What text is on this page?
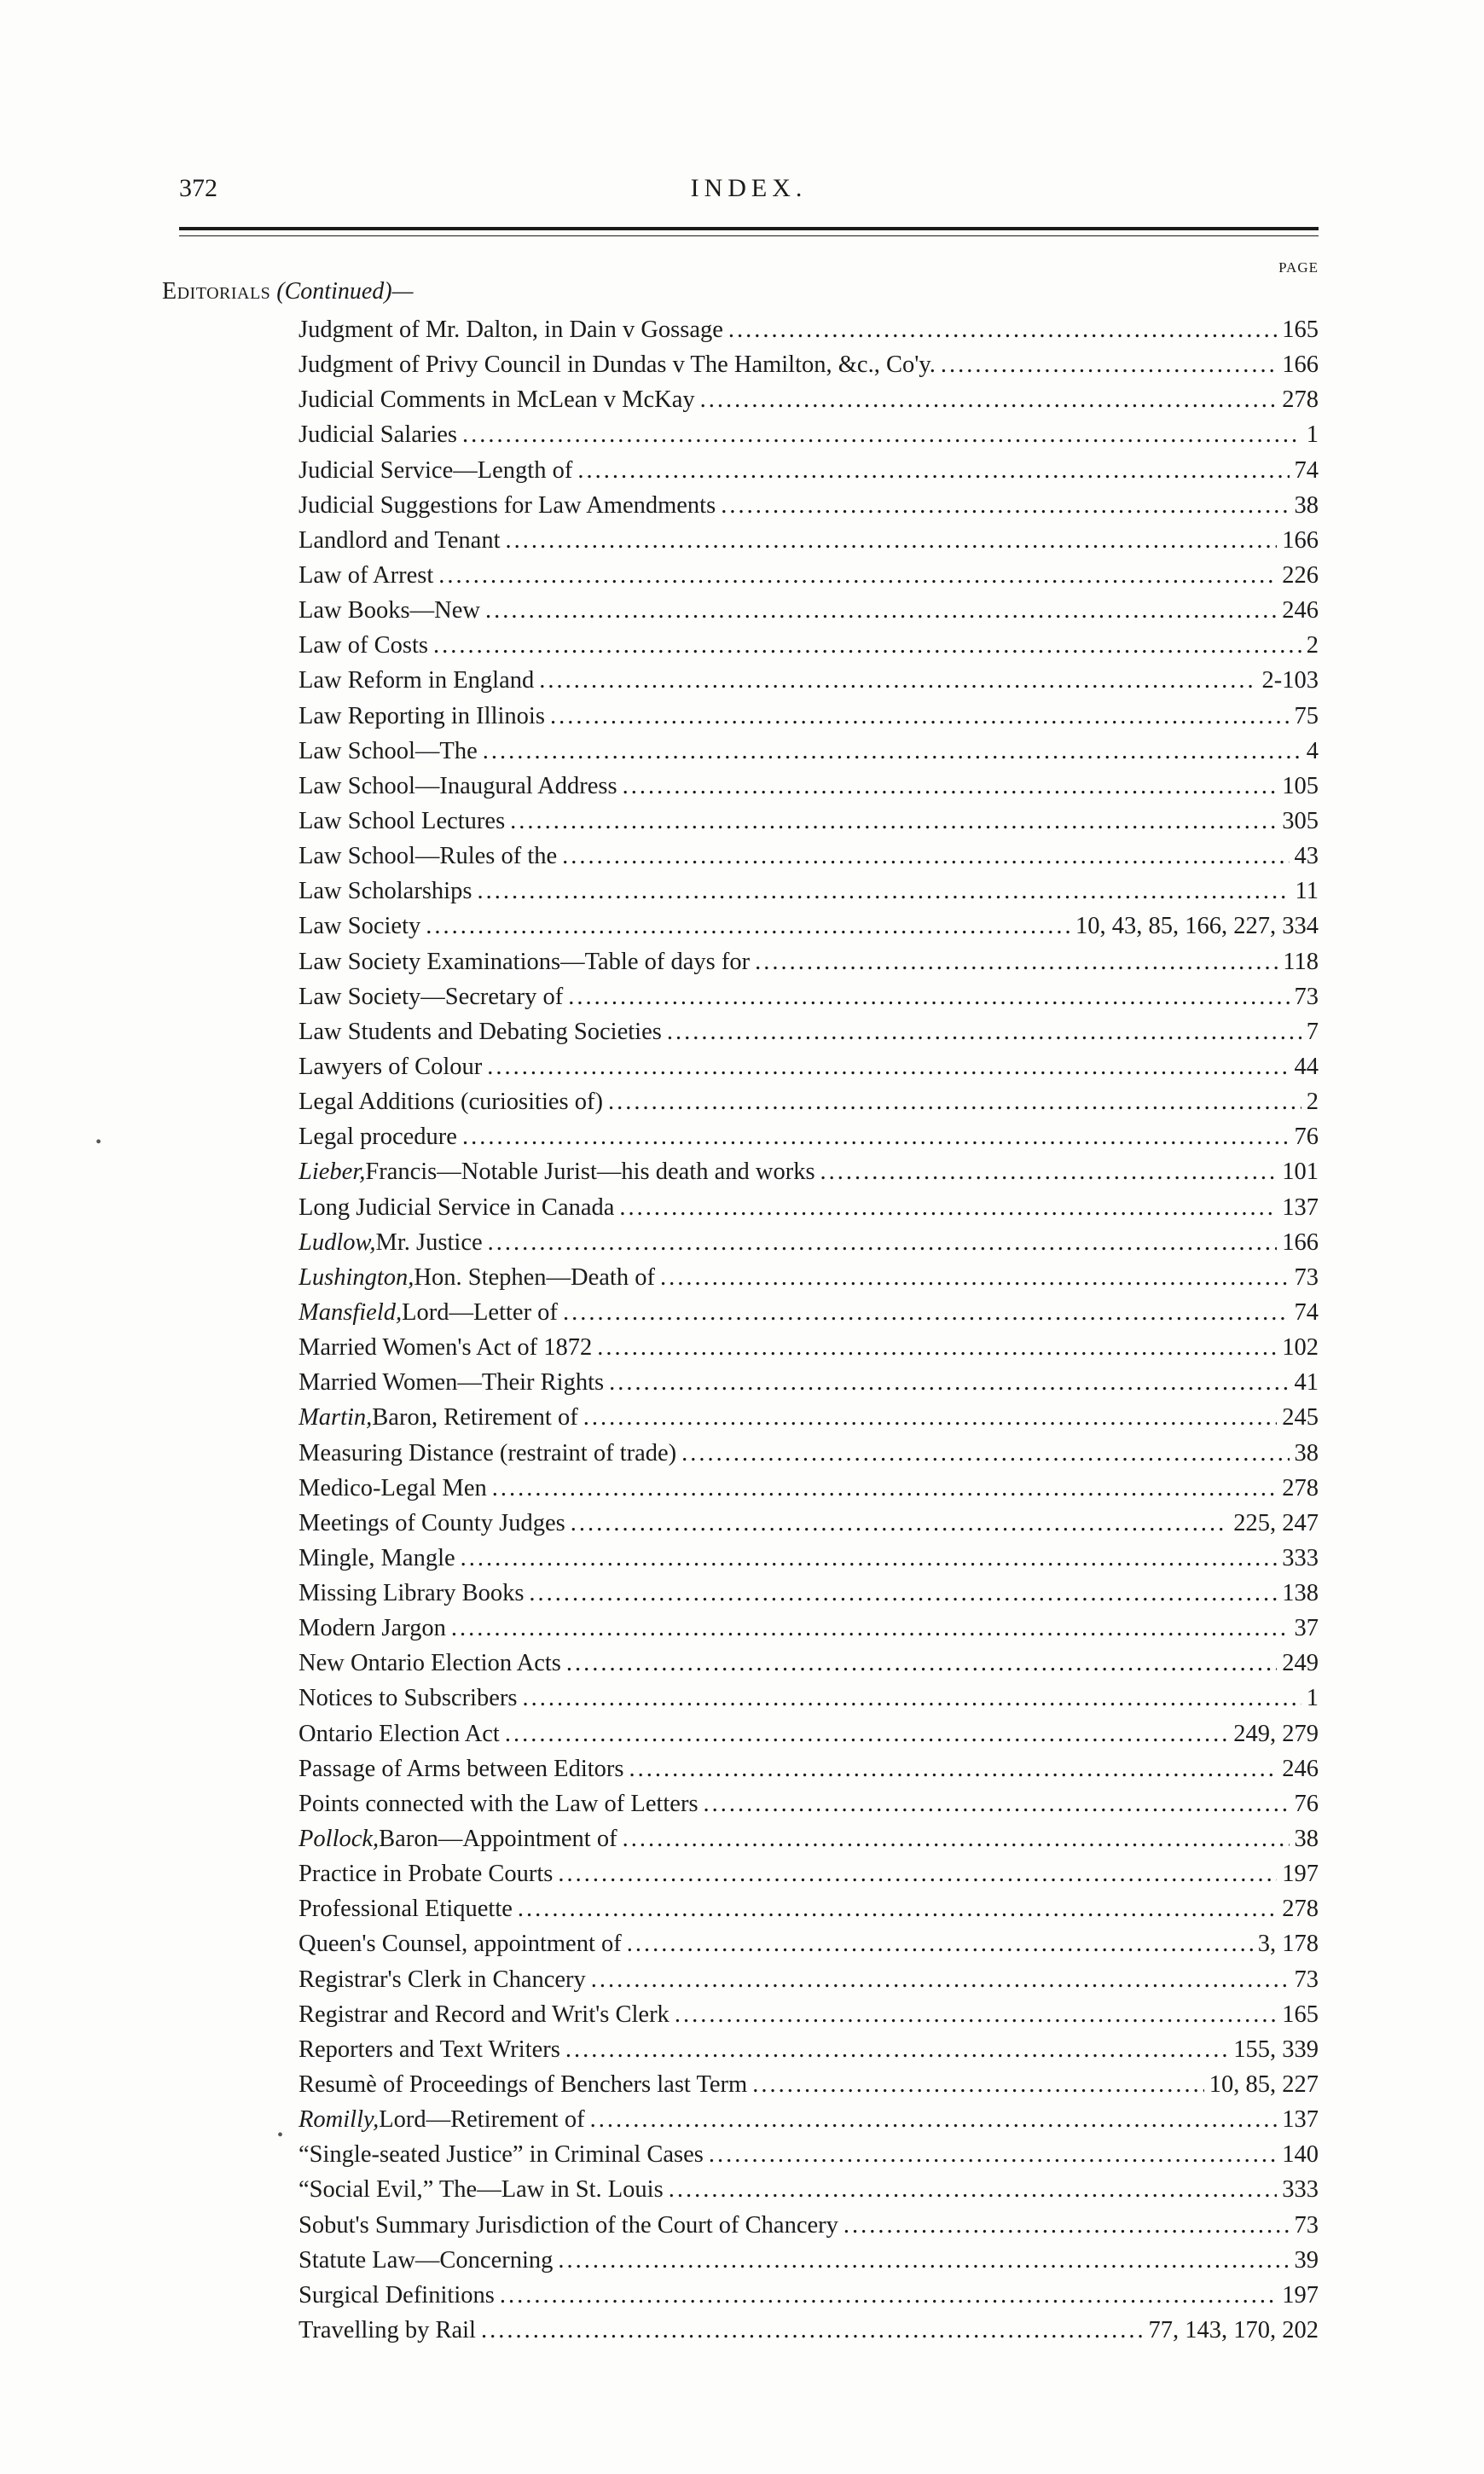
372	INDEX.
PAGE
Editorials (Continued)—
Judgment of Mr. Dalton, in Dain v Gossage .....	165
Judgment of Privy Council in Dundas v The Hamilton, &c., Co'y. .....	166
Judicial Comments in McLean v McKay .....	278
Judicial Salaries .....	1
Judicial Service—Length of .....	74
Judicial Suggestions for Law Amendments .....	38
Landlord and Tenant .....	166
Law of Arrest .....	226
Law Books—New .....	246
Law of Costs .....	2
Law Reform in England .....	2-103
Law Reporting in Illinois .....	75
Law School—The .....	4
Law School—Inaugural Address .....	105
Law School Lectures .....	305
Law School—Rules of the .....	43
Law Scholarships .....	11
Law Society .....	10, 43, 85, 166, 227, 334
Law Society Examinations—Table of days for .....	118
Law Society—Secretary of .....	73
Law Students and Debating Societies .....	7
Lawyers of Colour .....	44
Legal Additions (curiosities of) .....	2
Legal procedure .....	76
Lieber, Francis—Notable Jurist—his death and works .....	101
Long Judicial Service in Canada .....	137
Ludlow, Mr. Justice .....	166
Lushington, Hon. Stephen—Death of .....	73
Mansfield, Lord—Letter of .....	74
Married Women's Act of 1872 .....	102
Married Women—Their Rights .....	41
Martin, Baron, Retirement of .....	245
Measuring Distance (restraint of trade) .....	38
Medico-Legal Men .....	278
Meetings of County Judges .....	225, 247
Mingle, Mangle .....	333
Missing Library Books .....	138
Modern Jargon .....	37
New Ontario Election Acts .....	249
Notices to Subscribers .....	1
Ontario Election Act .....	249, 279
Passage of Arms between Editors .....	246
Points connected with the Law of Letters .....	76
Pollock, Baron—Appointment of .....	38
Practice in Probate Courts .....	197
Professional Etiquette .....	278
Queen's Counsel, appointment of .....	3, 178
Registrar's Clerk in Chancery .....	73
Registrar and Record and Writ's Clerk .....	165
Reporters and Text Writers .....	155, 339
Resumè of Proceedings of Benchers last Term .....	10, 85, 227
Romilly, Lord—Retirement of .....	137
“Single-seated Justice” in Criminal Cases .....	140
“Social Evil,” The—Law in St. Louis .....	333
Sobut's Summary Jurisdiction of the Court of Chancery .....	73
Statute Law—Concerning .....	39
Surgical Definitions .....	197
Travelling by Rail .....	77, 143, 170, 202
•
•
